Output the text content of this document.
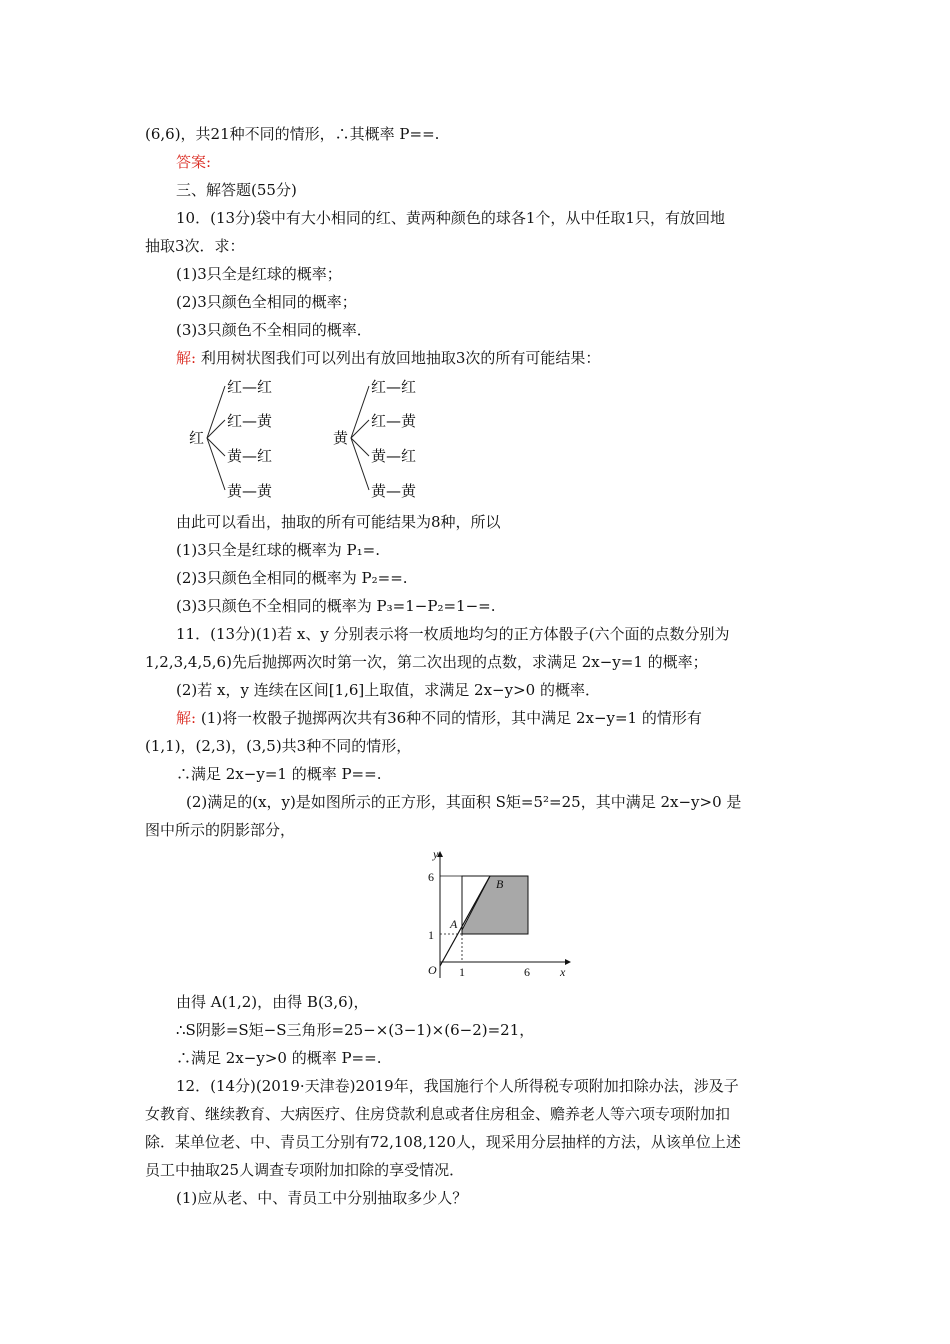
(6,6)，共21种不同的情形，∴其概率 P==.
答案:
三、解答题(55分)
10．(13分)袋中有大小相同的红、黄两种颜色的球各1个，从中任取1只，有放回地
抽取3次．求：
(1)3只全是红球的概率；
(2)3只颜色全相同的概率；
(3)3只颜色不全相同的概率．
解: 利用树状图我们可以列出有放回地抽取3次的所有可能结果：
红
红—红
红—黄
黄—红
黄—黄
黄
红—红
红—黄
黄—红
黄—黄
由此可以看出，抽取的所有可能结果为8种，所以
(1)3只全是红球的概率为 P₁=.
(2)3只颜色全相同的概率为 P₂==.
(3)3只颜色不全相同的概率为 P₃=1−P₂=1−=.
11．(13分)(1)若 x、y 分别表示将一枚质地均匀的正方体骰子(六个面的点数分别为
1,2,3,4,5,6)先后抛掷两次时第一次，第二次出现的点数，求满足 2x−y=1 的概率；
(2)若 x，y 连续在区间[1,6]上取值，求满足 2x−y>0 的概率．
解: (1)将一枚骰子抛掷两次共有36种不同的情形，其中满足 2x−y=1 的情形有
(1,1)，(2,3)，(3,5)共3种不同的情形，
∴满足 2x−y=1 的概率 P==.
(2)满足的(x，y)是如图所示的正方形，其面积 S矩=5²=25，其中满足 2x−y>0 是
图中所示的阴影部分，
y
x
O
6
1
1	6
A
B
由得 A(1,2)，由得 B(3,6)，
∴S阴影=S矩−S三角形=25−×(3−1)×(6−2)=21，
∴满足 2x−y>0 的概率 P==.
12．(14分)(2019·天津卷)2019年，我国施行个人所得税专项附加扣除办法，涉及子
女教育、继续教育、大病医疗、住房贷款利息或者住房租金、赡养老人等六项专项附加扣
除．某单位老、中、青员工分别有72,108,120人，现采用分层抽样的方法，从该单位上述
员工中抽取25人调查专项附加扣除的享受情况．
(1)应从老、中、青员工中分别抽取多少人？
